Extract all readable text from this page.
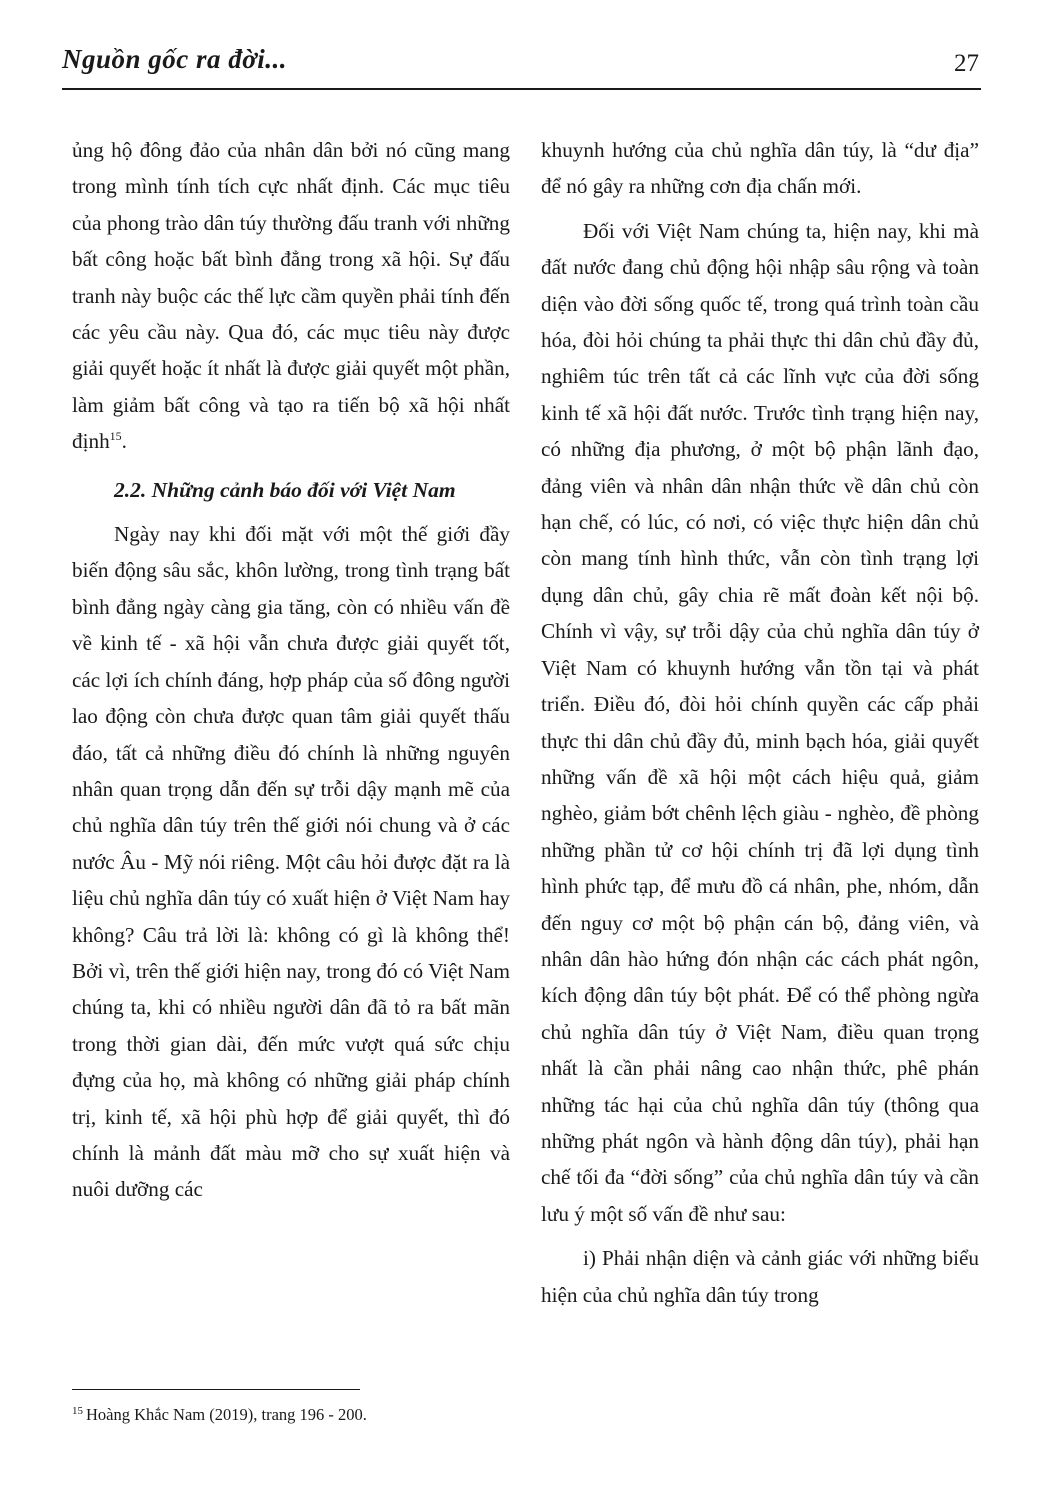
Nguồn gốc ra đời...	27

ủng hộ đông đảo của nhân dân bởi nó cũng mang trong mình tính tích cực nhất định. Các mục tiêu của phong trào dân túy thường đấu tranh với những bất công hoặc bất bình đẳng trong xã hội. Sự đấu tranh này buộc các thế lực cầm quyền phải tính đến các yêu cầu này. Qua đó, các mục tiêu này được giải quyết hoặc ít nhất là được giải quyết một phần, làm giảm bất công và tạo ra tiến bộ xã hội nhất định$^{15}$.

2.2. Những cảnh báo đối với Việt Nam

Ngày nay khi đối mặt với một thế giới đầy biến động sâu sắc, khôn lường, trong tình trạng bất bình đẳng ngày càng gia tăng, còn có nhiều vấn đề về kinh tế - xã hội vẫn chưa được giải quyết tốt, các lợi ích chính đáng, hợp pháp của số đông người lao động còn chưa được quan tâm giải quyết thấu đáo, tất cả những điều đó chính là những nguyên nhân quan trọng dẫn đến sự trỗi dậy mạnh mẽ của chủ nghĩa dân túy trên thế giới nói chung và ở các nước Âu - Mỹ nói riêng. Một câu hỏi được đặt ra là liệu chủ nghĩa dân túy có xuất hiện ở Việt Nam hay không? Câu trả lời là: không có gì là không thể! Bởi vì, trên thế giới hiện nay, trong đó có Việt Nam chúng ta, khi có nhiều người dân đã tỏ ra bất mãn trong thời gian dài, đến mức vượt quá sức chịu đựng của họ, mà không có những giải pháp chính trị, kinh tế, xã hội phù hợp để giải quyết, thì đó chính là mảnh đất màu mỡ cho sự xuất hiện và nuôi dưỡng các

khuynh hướng của chủ nghĩa dân túy, là “dư địa” để nó gây ra những cơn địa chấn mới.

Đối với Việt Nam chúng ta, hiện nay, khi mà đất nước đang chủ động hội nhập sâu rộng và toàn diện vào đời sống quốc tế, trong quá trình toàn cầu hóa, đòi hỏi chúng ta phải thực thi dân chủ đầy đủ, nghiêm túc trên tất cả các lĩnh vực của đời sống kinh tế xã hội đất nước. Trước tình trạng hiện nay, có những địa phương, ở một bộ phận lãnh đạo, đảng viên và nhân dân nhận thức về dân chủ còn hạn chế, có lúc, có nơi, có việc thực hiện dân chủ còn mang tính hình thức, vẫn còn tình trạng lợi dụng dân chủ, gây chia rẽ mất đoàn kết nội bộ. Chính vì vậy, sự trỗi dậy của chủ nghĩa dân túy ở Việt Nam có khuynh hướng vẫn tồn tại và phát triển. Điều đó, đòi hỏi chính quyền các cấp phải thực thi dân chủ đầy đủ, minh bạch hóa, giải quyết những vấn đề xã hội một cách hiệu quả, giảm nghèo, giảm bớt chênh lệch giàu - nghèo, đề phòng những phần tử cơ hội chính trị đã lợi dụng tình hình phức tạp, để mưu đồ cá nhân, phe, nhóm, dẫn đến nguy cơ một bộ phận cán bộ, đảng viên, và nhân dân hào hứng đón nhận các cách phát ngôn, kích động dân túy bột phát. Để có thể phòng ngừa chủ nghĩa dân túy ở Việt Nam, điều quan trọng nhất là cần phải nâng cao nhận thức, phê phán những tác hại của chủ nghĩa dân túy (thông qua những phát ngôn và hành động dân túy), phải hạn chế tối đa “đời sống” của chủ nghĩa dân túy và cần lưu ý một số vấn đề như sau:

i) Phải nhận diện và cảnh giác với những biểu hiện của chủ nghĩa dân túy trong

$^{15}$ Hoàng Khắc Nam (2019), trang 196 - 200.
